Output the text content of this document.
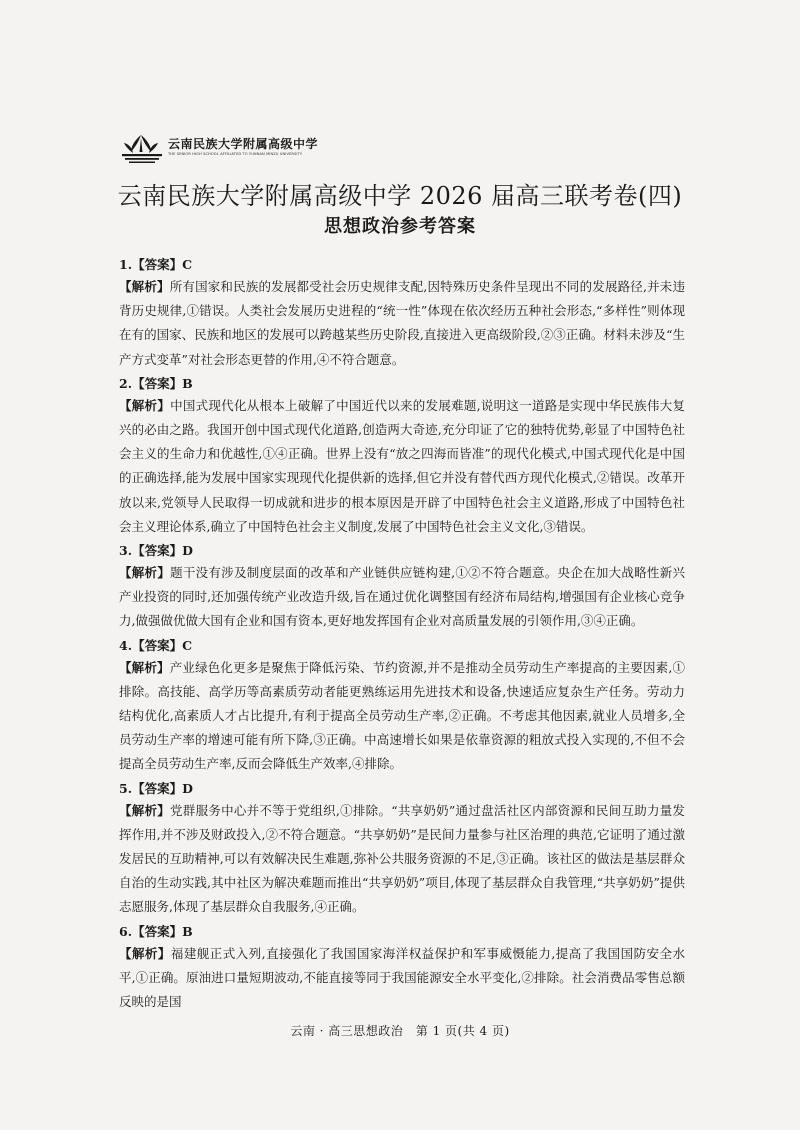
云南民族大学附属高级中学
THE SENIOR HIGH SCHOOL AFFILIATED TO YUNNAN MINZU UNIVERSITY
云南民族大学附属高级中学 2026 届高三联考卷(四)
思想政治参考答案
1.【答案】C
【解析】所有国家和民族的发展都受社会历史规律支配,因特殊历史条件呈现出不同的发展路径,并未违背历史规律,①错误。人类社会发展历史进程的“统一性”体现在依次经历五种社会形态,“多样性”则体现在有的国家、民族和地区的发展可以跨越某些历史阶段,直接进入更高级阶段,②③正确。材料未涉及“生产方式变革”对社会形态更替的作用,④不符合题意。
2.【答案】B
【解析】中国式现代化从根本上破解了中国近代以来的发展难题,说明这一道路是实现中华民族伟大复兴的必由之路。我国开创中国式现代化道路,创造两大奇迹,充分印证了它的独特优势,彰显了中国特色社会主义的生命力和优越性,①④正确。世界上没有“放之四海而皆准”的现代化模式,中国式现代化是中国的正确选择,能为发展中国家实现现代化提供新的选择,但它并没有替代西方现代化模式,②错误。改革开放以来,党领导人民取得一切成就和进步的根本原因是开辟了中国特色社会主义道路,形成了中国特色社会主义理论体系,确立了中国特色社会主义制度,发展了中国特色社会主义文化,③错误。
3.【答案】D
【解析】题干没有涉及制度层面的改革和产业链供应链构建,①②不符合题意。央企在加大战略性新兴产业投资的同时,还加强传统产业改造升级,旨在通过优化调整国有经济布局结构,增强国有企业核心竞争力,做强做优做大国有企业和国有资本,更好地发挥国有企业对高质量发展的引领作用,③④正确。
4.【答案】C
【解析】产业绿色化更多是聚焦于降低污染、节约资源,并不是推动全员劳动生产率提高的主要因素,①排除。高技能、高学历等高素质劳动者能更熟练运用先进技术和设备,快速适应复杂生产任务。劳动力结构优化,高素质人才占比提升,有利于提高全员劳动生产率,②正确。不考虑其他因素,就业人员增多,全员劳动生产率的增速可能有所下降,③正确。中高速增长如果是依靠资源的粗放式投入实现的,不但不会提高全员劳动生产率,反而会降低生产效率,④排除。
5.【答案】D
【解析】党群服务中心并不等于党组织,①排除。“共享奶奶”通过盘活社区内部资源和民间互助力量发挥作用,并不涉及财政投入,②不符合题意。“共享奶奶”是民间力量参与社区治理的典范,它证明了通过激发居民的互助精神,可以有效解决民生难题,弥补公共服务资源的不足,③正确。该社区的做法是基层群众自治的生动实践,其中社区为解决难题而推出“共享奶奶”项目,体现了基层群众自我管理,“共享奶奶”提供志愿服务,体现了基层群众自我服务,④正确。
6.【答案】B
【解析】福建舰正式入列,直接强化了我国国家海洋权益保护和军事威慑能力,提高了我国国防安全水平,①正确。原油进口量短期波动,不能直接等同于我国能源安全水平变化,②排除。社会消费品零售总额反映的是国
云南 · 高三思想政治　第 1 页(共 4 页)
